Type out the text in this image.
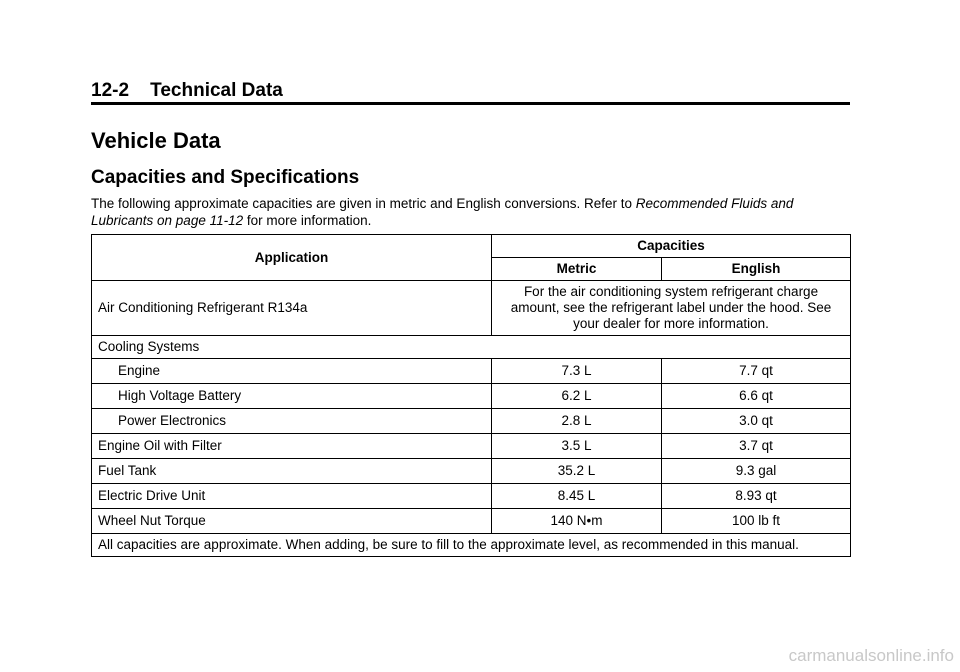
12-2 Technical Data
Vehicle Data
Capacities and Specifications
The following approximate capacities are given in metric and English conversions. Refer to Recommended Fluids and Lubricants on page 11-12 for more information.
Application	Capacities	
	Metric	English
Air Conditioning Refrigerant R134a	For the air conditioning system refrigerant charge amount, see the refrigerant label under the hood. See your dealer for more information.	
Cooling Systems		
Engine	7.3 L	7.7 qt
High Voltage Battery	6.2 L	6.6 qt
Power Electronics	2.8 L	3.0 qt
Engine Oil with Filter	3.5 L	3.7 qt
Fuel Tank	35.2 L	9.3 gal
Electric Drive Unit	8.45 L	8.93 qt
Wheel Nut Torque	140 N•m	100 lb ft
All capacities are approximate. When adding, be sure to fill to the approximate level, as recommended in this manual.		
carmanualsonline.info
